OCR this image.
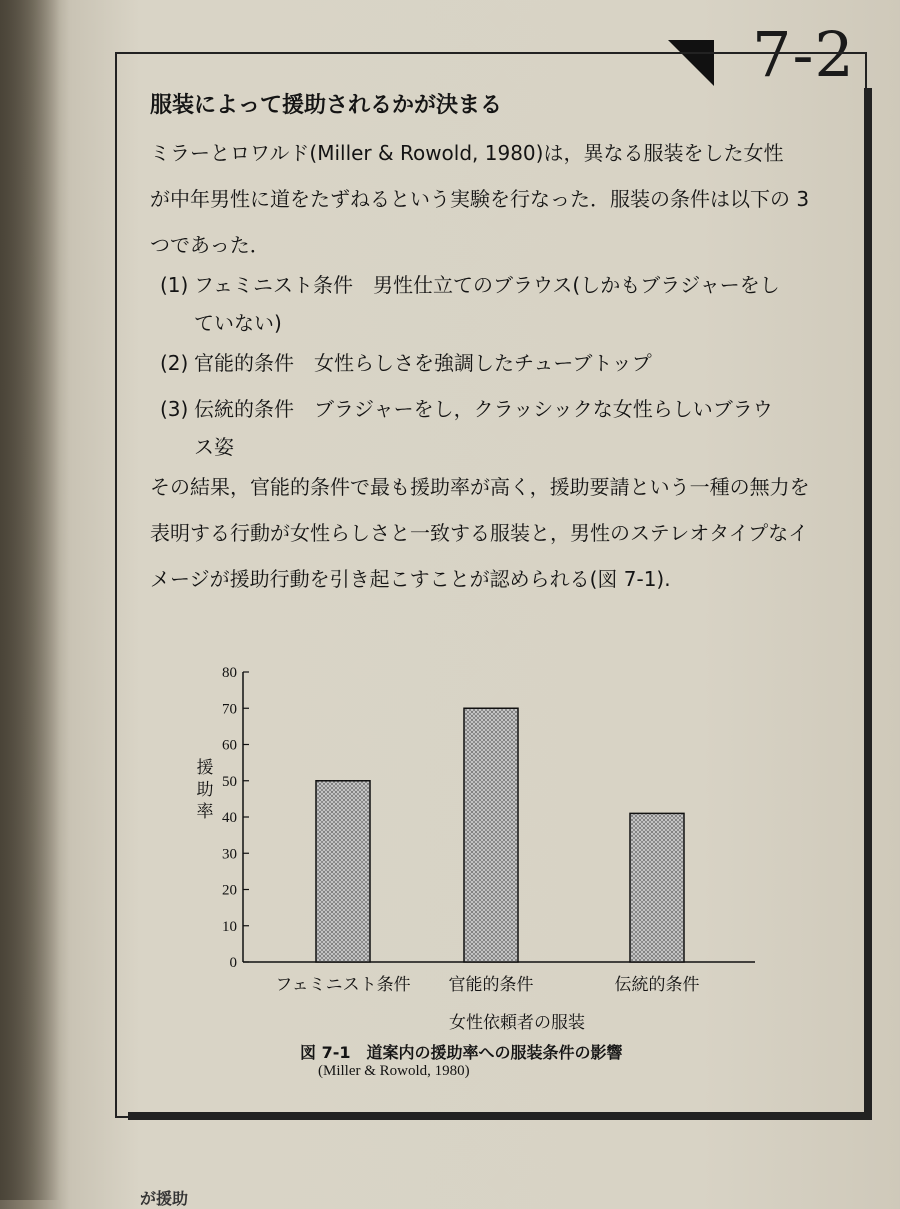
7-2
服装によって援助されるかが決まる
ミラーとロワルド(Miller & Rowold, 1980)は，異なる服装をした女性
が中年男性に道をたずねるという実験を行なった．服装の条件は以下の 3
つであった．
(1) フェミニスト条件　男性仕立てのブラウス(しかもブラジャーをし
ていない)
(2) 官能的条件　女性らしさを強調したチューブトップ
(3) 伝統的条件　ブラジャーをし，クラッシックな女性らしいブラウ
ス姿
その結果，官能的条件で最も援助率が高く，援助要請という一種の無力を
表明する行動が女性らしさと一致する服装と，男性のステレオタイプなイ
メージが援助行動を引き起こすことが認められる(図 7-1).
0
10
20
30
40
50
60
70
80
フェミニスト条件 官能的条件	伝統的条件
援
助
率
女性依頼者の服装
図 7-1　道案内の援助率への服装条件の影響
(Miller & Rowold, 1980)
が援助
